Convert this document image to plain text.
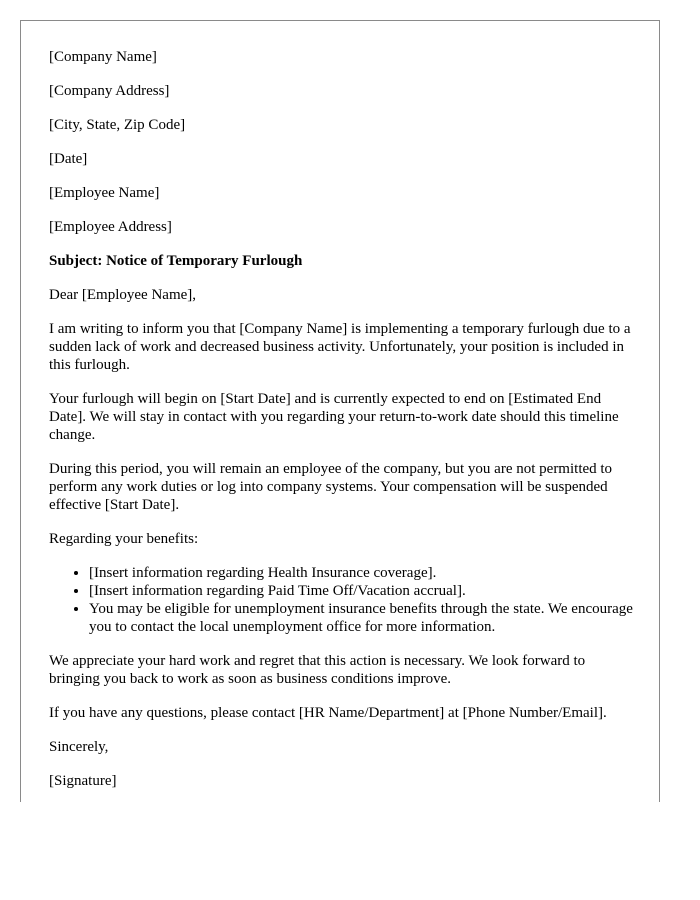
[Company Name]

[Company Address]

[City, State, Zip Code]

[Date]

[Employee Name]

[Employee Address]

Subject: Notice of Temporary Furlough

Dear [Employee Name],

I am writing to inform you that [Company Name] is implementing a temporary furlough due to a sudden lack of work and decreased business activity. Unfortunately, your position is included in this furlough.

Your furlough will begin on [Start Date] and is currently expected to end on [Estimated End Date]. We will stay in contact with you regarding your return-to-work date should this timeline change.

During this period, you will remain an employee of the company, but you are not permitted to perform any work duties or log into company systems. Your compensation will be suspended effective [Start Date].

Regarding your benefits:

• [Insert information regarding Health Insurance coverage].
• [Insert information regarding Paid Time Off/Vacation accrual].
• You may be eligible for unemployment insurance benefits through the state. We encourage you to contact the local unemployment office for more information.

We appreciate your hard work and regret that this action is necessary. We look forward to bringing you back to work as soon as business conditions improve.

If you have any questions, please contact [HR Name/Department] at [Phone Number/Email].

Sincerely,

[Signature]
